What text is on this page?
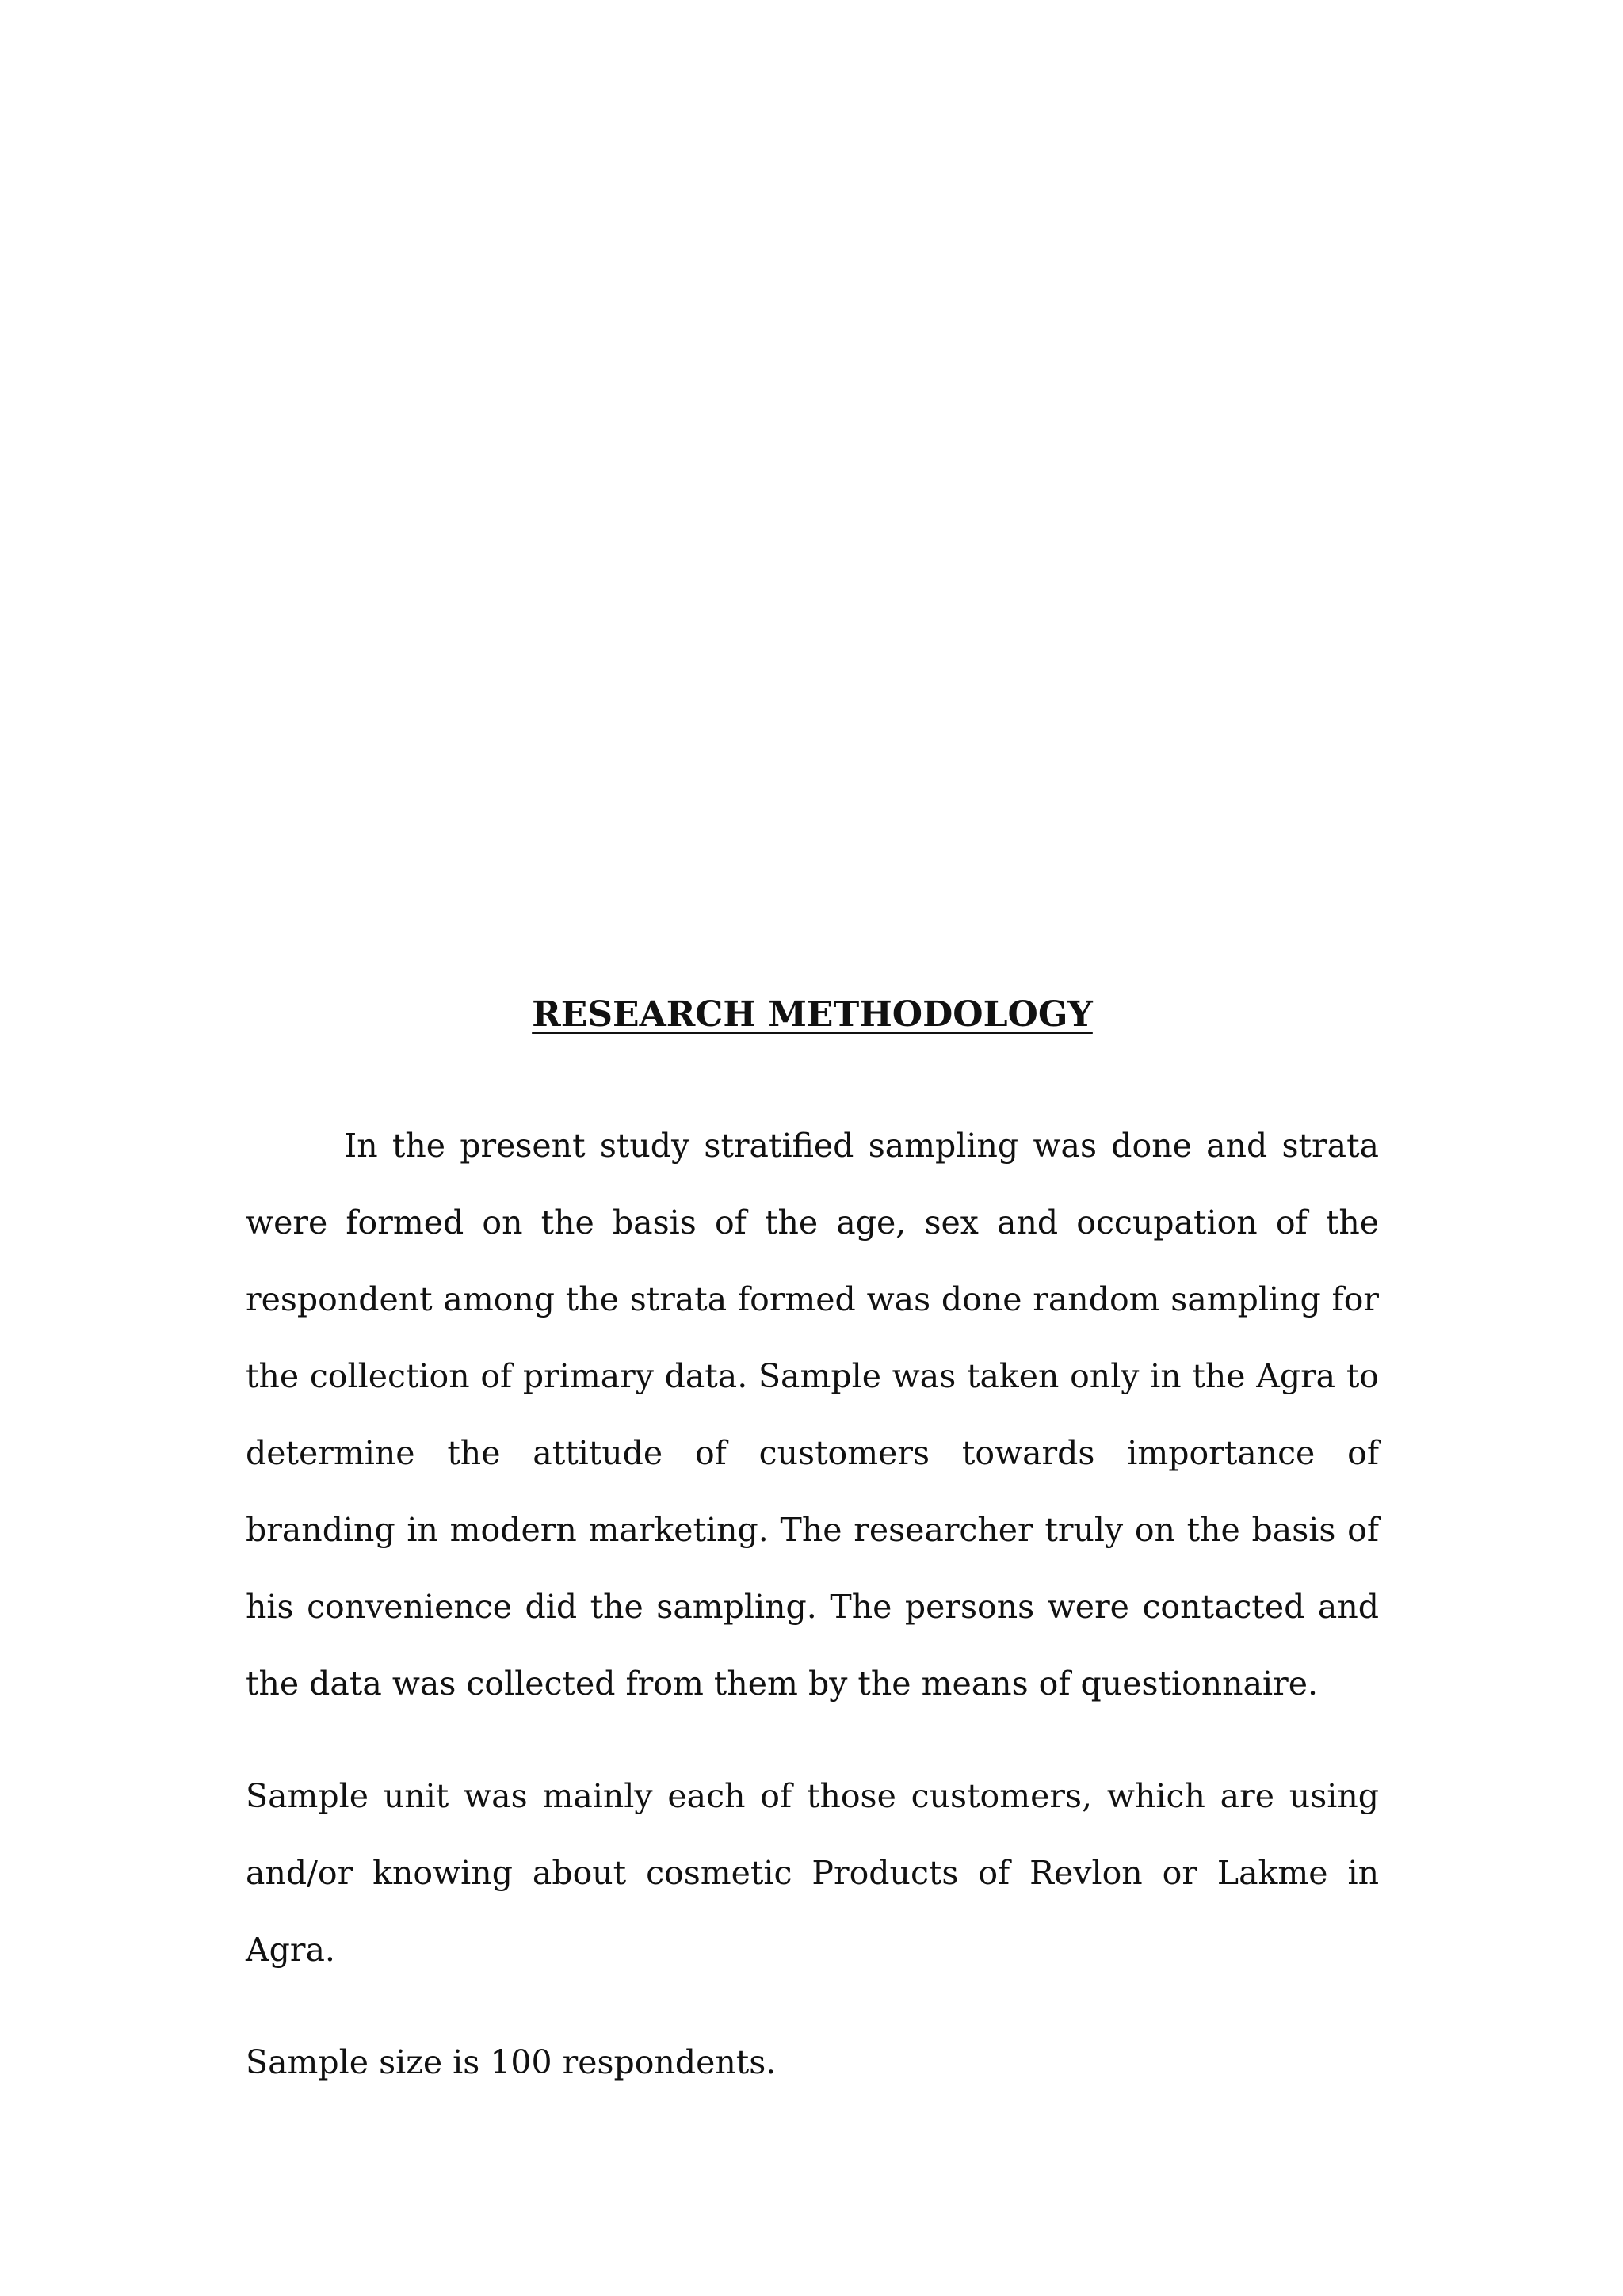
RESEARCH METHODOLOGY

In the present study stratified sampling was done and strata were formed on the basis of the age, sex and occupation of the respondent among the strata formed was done random sampling for the collection of primary data. Sample was taken only in the Agra to determine the attitude of customers towards importance of branding in modern marketing. The researcher truly on the basis of his convenience did the sampling. The persons were contacted and the data was collected from them by the means of questionnaire.

Sample unit was mainly each of those customers, which are using and/or knowing about cosmetic Products of Revlon or Lakme in Agra.

Sample size is 100 respondents.
